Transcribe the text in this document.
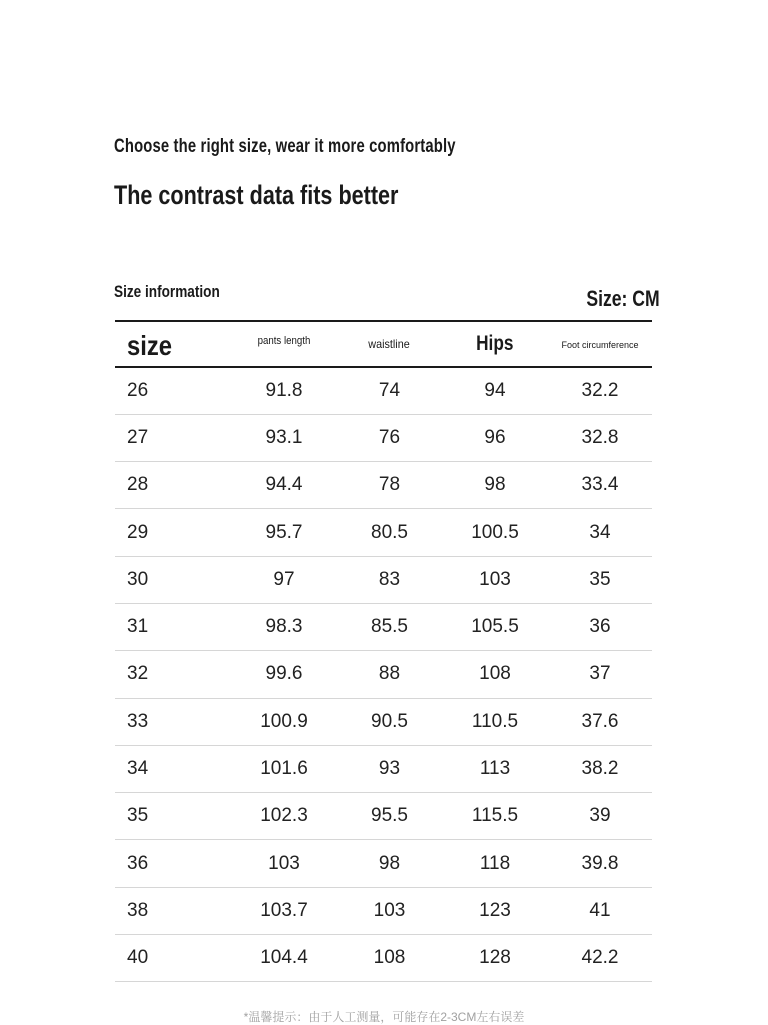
Choose the right size, wear it more comfortably
The contrast data fits better
Size information	Size: CM
size	pants length	waistline	Hips	Foot circumference
26	91.8	74	94	32.2
27	93.1	76	96	32.8
28	94.4	78	98	33.4
29	95.7	80.5	100.5	34
30	97	83	103	35
31	98.3	85.5	105.5	36
32	99.6	88	108	37
33	100.9	90.5	110.5	37.6
34	101.6	93	113	38.2
35	102.3	95.5	115.5	39
36	103	98	118	39.8
38	103.7	103	123	41
40	104.4	108	128	42.2
*温馨提示：由于人工测量，可能存在2-3CM左右误差
